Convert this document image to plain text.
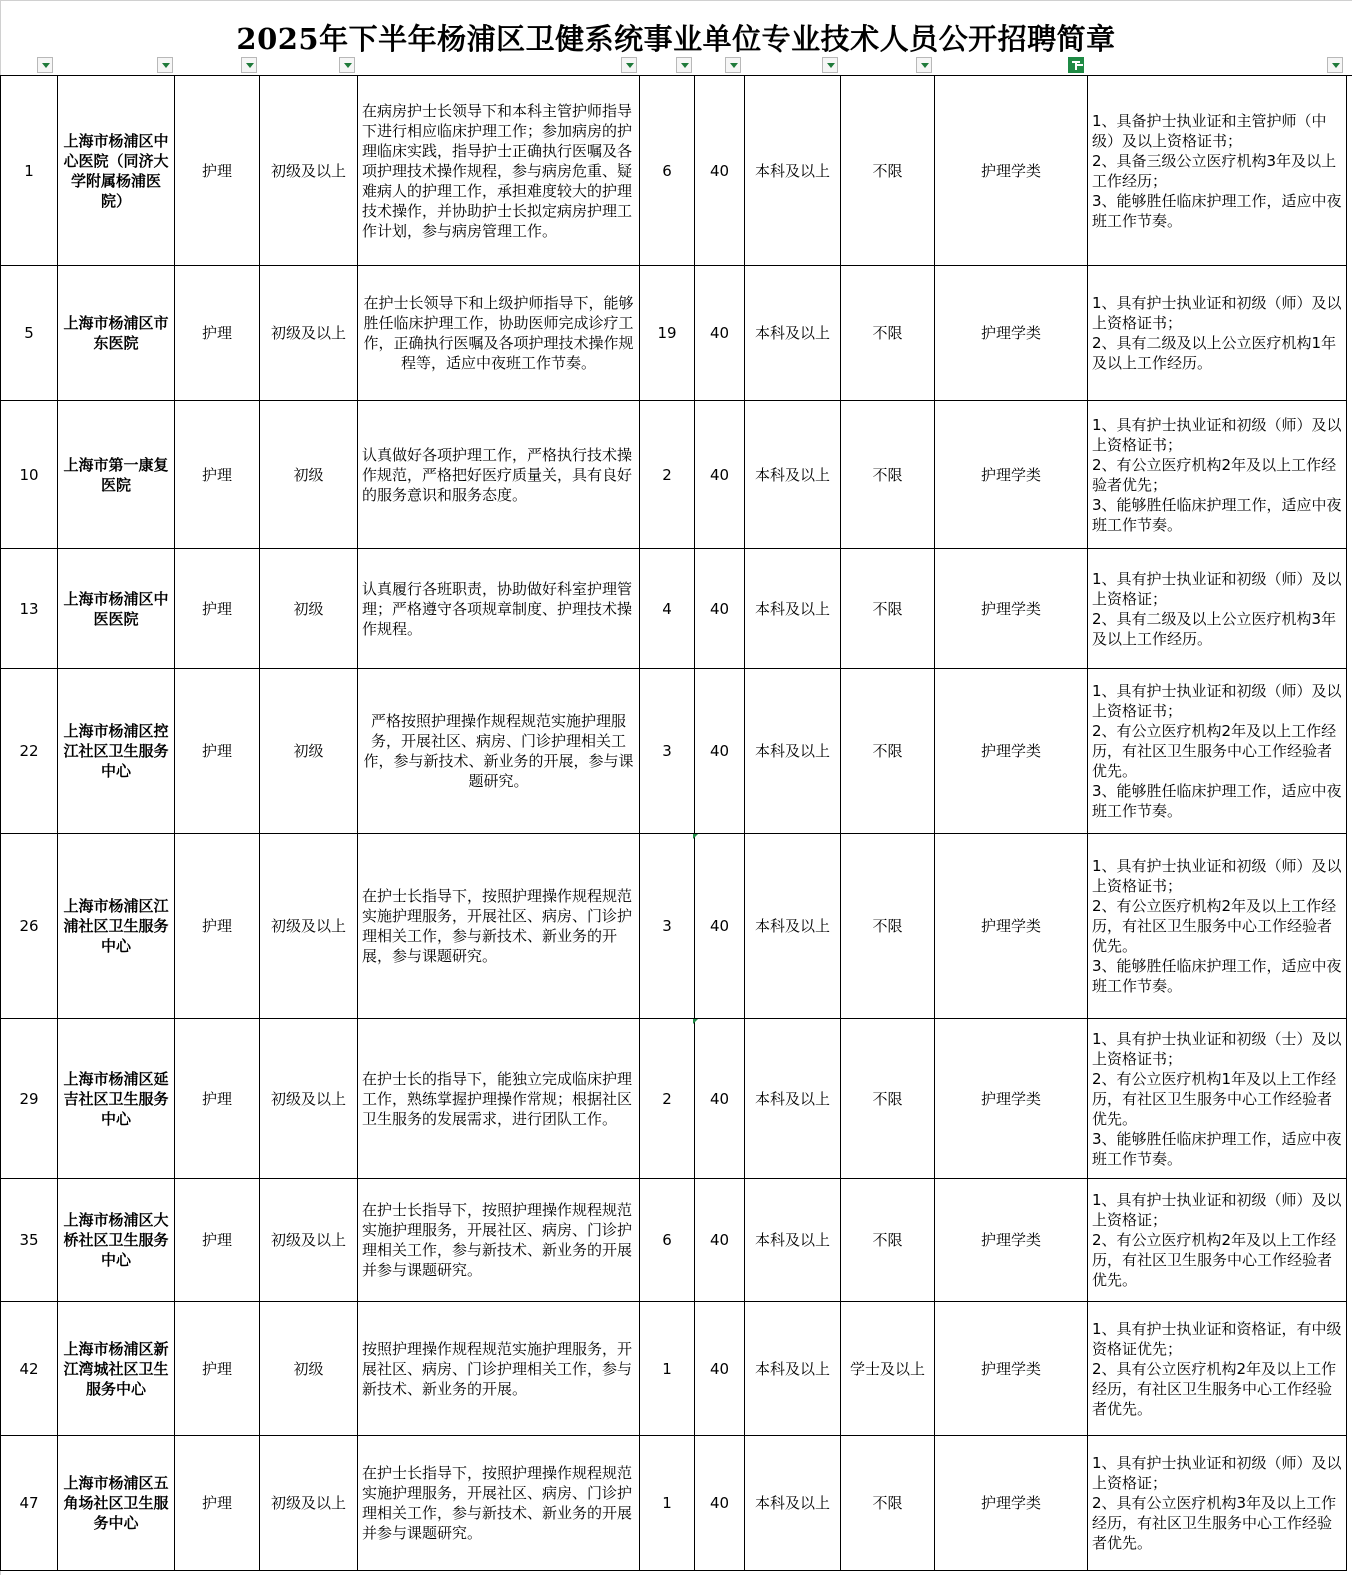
2025年下半年杨浦区卫健系统事业单位专业技术人员公开招聘简章
1	上海市杨浦区中心医院（同济大学附属杨浦医院）	护理	初级及以上	在病房护士长领导下和本科主管护师指导下进行相应临床护理工作；参加病房的护理临床实践，指导护士正确执行医嘱及各项护理技术操作规程，参与病房危重、疑难病人的护理工作，承担难度较大的护理技术操作，并协助护士长拟定病房护理工作计划，参与病房管理工作。	6	40	本科及以上	不限	护理学类	1、具备护士执业证和主管护师（中级）及以上资格证书；
2、具备三级公立医疗机构3年及以上工作经历；
3、能够胜任临床护理工作，适应中夜班工作节奏。
5	上海市杨浦区市东医院	护理	初级及以上	在护士长领导下和上级护师指导下，能够胜任临床护理工作，协助医师完成诊疗工作，正确执行医嘱及各项护理技术操作规程等，适应中夜班工作节奏。	19	40	本科及以上	不限	护理学类	1、具有护士执业证和初级（师）及以上资格证书；
2、具有二级及以上公立医疗机构1年及以上工作经历。
10	上海市第一康复医院	护理	初级	认真做好各项护理工作，严格执行技术操作规范，严格把好医疗质量关，具有良好的服务意识和服务态度。	2	40	本科及以上	不限	护理学类	1、具有护士执业证和初级（师）及以上资格证书；
2、有公立医疗机构2年及以上工作经验者优先；
3、能够胜任临床护理工作，适应中夜班工作节奏。
13	上海市杨浦区中医医院	护理	初级	认真履行各班职责，协助做好科室护理管理；严格遵守各项规章制度、护理技术操作规程。	4	40	本科及以上	不限	护理学类	1、具有护士执业证和初级（师）及以上资格证；
2、具有二级及以上公立医疗机构3年及以上工作经历。
22	上海市杨浦区控江社区卫生服务中心	护理	初级	严格按照护理操作规程规范实施护理服务，开展社区、病房、门诊护理相关工作，参与新技术、新业务的开展，参与课题研究。	3	40	本科及以上	不限	护理学类	1、具有护士执业证和初级（师）及以上资格证书；
2、有公立医疗机构2年及以上工作经历，有社区卫生服务中心工作经验者优先。
3、能够胜任临床护理工作，适应中夜班工作节奏。
26	上海市杨浦区江浦社区卫生服务中心	护理	初级及以上	在护士长指导下，按照护理操作规程规范实施护理服务，开展社区、病房、门诊护理相关工作，参与新技术、新业务的开展，参与课题研究。	3	40	本科及以上	不限	护理学类	1、具有护士执业证和初级（师）及以上资格证书；
2、有公立医疗机构2年及以上工作经历，有社区卫生服务中心工作经验者优先。
3、能够胜任临床护理工作，适应中夜班工作节奏。
29	上海市杨浦区延吉社区卫生服务中心	护理	初级及以上	在护士长的指导下，能独立完成临床护理工作，熟练掌握护理操作常规；根据社区卫生服务的发展需求，进行团队工作。	2	40	本科及以上	不限	护理学类	1、具有护士执业证和初级（士）及以上资格证书；
2、有公立医疗机构1年及以上工作经历，有社区卫生服务中心工作经验者优先。
3、能够胜任临床护理工作，适应中夜班工作节奏。
35	上海市杨浦区大桥社区卫生服务中心	护理	初级及以上	在护士长指导下，按照护理操作规程规范实施护理服务，开展社区、病房、门诊护理相关工作，参与新技术、新业务的开展并参与课题研究。	6	40	本科及以上	不限	护理学类	1、具有护士执业证和初级（师）及以上资格证；
2、有公立医疗机构2年及以上工作经历，有社区卫生服务中心工作经验者优先。
42	上海市杨浦区新江湾城社区卫生服务中心	护理	初级	按照护理操作规程规范实施护理服务，开展社区、病房、门诊护理相关工作，参与新技术、新业务的开展。	1	40	本科及以上	学士及以上	护理学类	1、具有护士执业证和资格证，有中级资格证优先；
2、具有公立医疗机构2年及以上工作经历，有社区卫生服务中心工作经验者优先。
47	上海市杨浦区五角场社区卫生服务中心	护理	初级及以上	在护士长指导下，按照护理操作规程规范实施护理服务，开展社区、病房、门诊护理相关工作，参与新技术、新业务的开展并参与课题研究。	1	40	本科及以上	不限	护理学类	1、具有护士执业证和初级（师）及以上资格证；
2、具有公立医疗机构3年及以上工作经历，有社区卫生服务中心工作经验者优先。
